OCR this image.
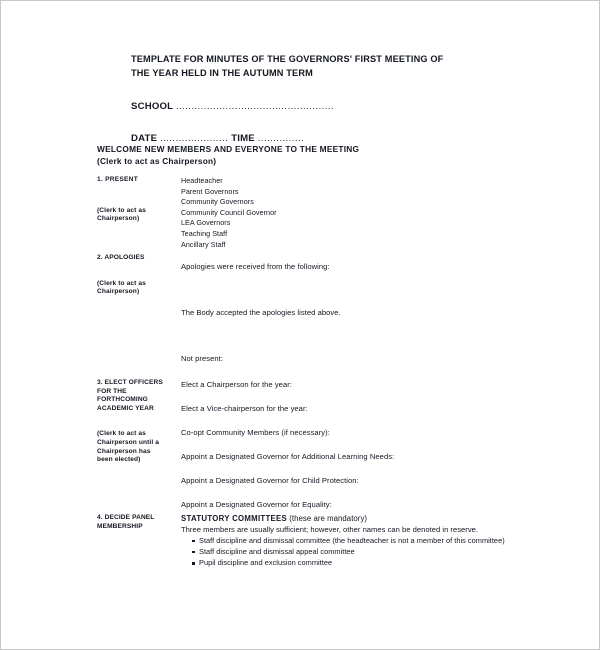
TEMPLATE FOR MINUTES OF THE GOVERNORS' FIRST MEETING OF
THE YEAR HELD IN THE AUTUMN TERM
SCHOOL ...................................................
DATE ...................... TIME ...............
WELCOME NEW MEMBERS AND EVERYONE TO THE MEETING
(Clerk to act as Chairperson)
1. PRESENT
(Clerk to act as
Chairperson)
Headteacher
Parent Governors
Community Governors
Community Council Governor
LEA Governors
Teaching Staff
Ancillary Staff
2. APOLOGIES
(Clerk to act as
Chairperson)
Apologies were received from the following:
The Body accepted the apologies listed above.
Not present:
3. ELECT OFFICERS
FOR THE
FORTHCOMING
ACADEMIC YEAR
(Clerk to act as
Chairperson until a
Chairperson has
been elected)
Elect a Chairperson for the year:
Elect a Vice-chairperson for the year:
Co-opt Community Members (if necessary):
Appoint a Designated Governor for Additional Learning Needs:
Appoint a Designated Governor for Child Protection:
Appoint a Designated Governor for Equality:
4. DECIDE PANEL
MEMBERSHIP
STATUTORY COMMITTEES (these are mandatory)
Three members are usually sufficient; however, other names can be denoted in reserve.
Staff discipline and dismissal committee (the headteacher is not a member of this committee)
Staff discipline and dismissal appeal committee
Pupil discipline and exclusion committee
